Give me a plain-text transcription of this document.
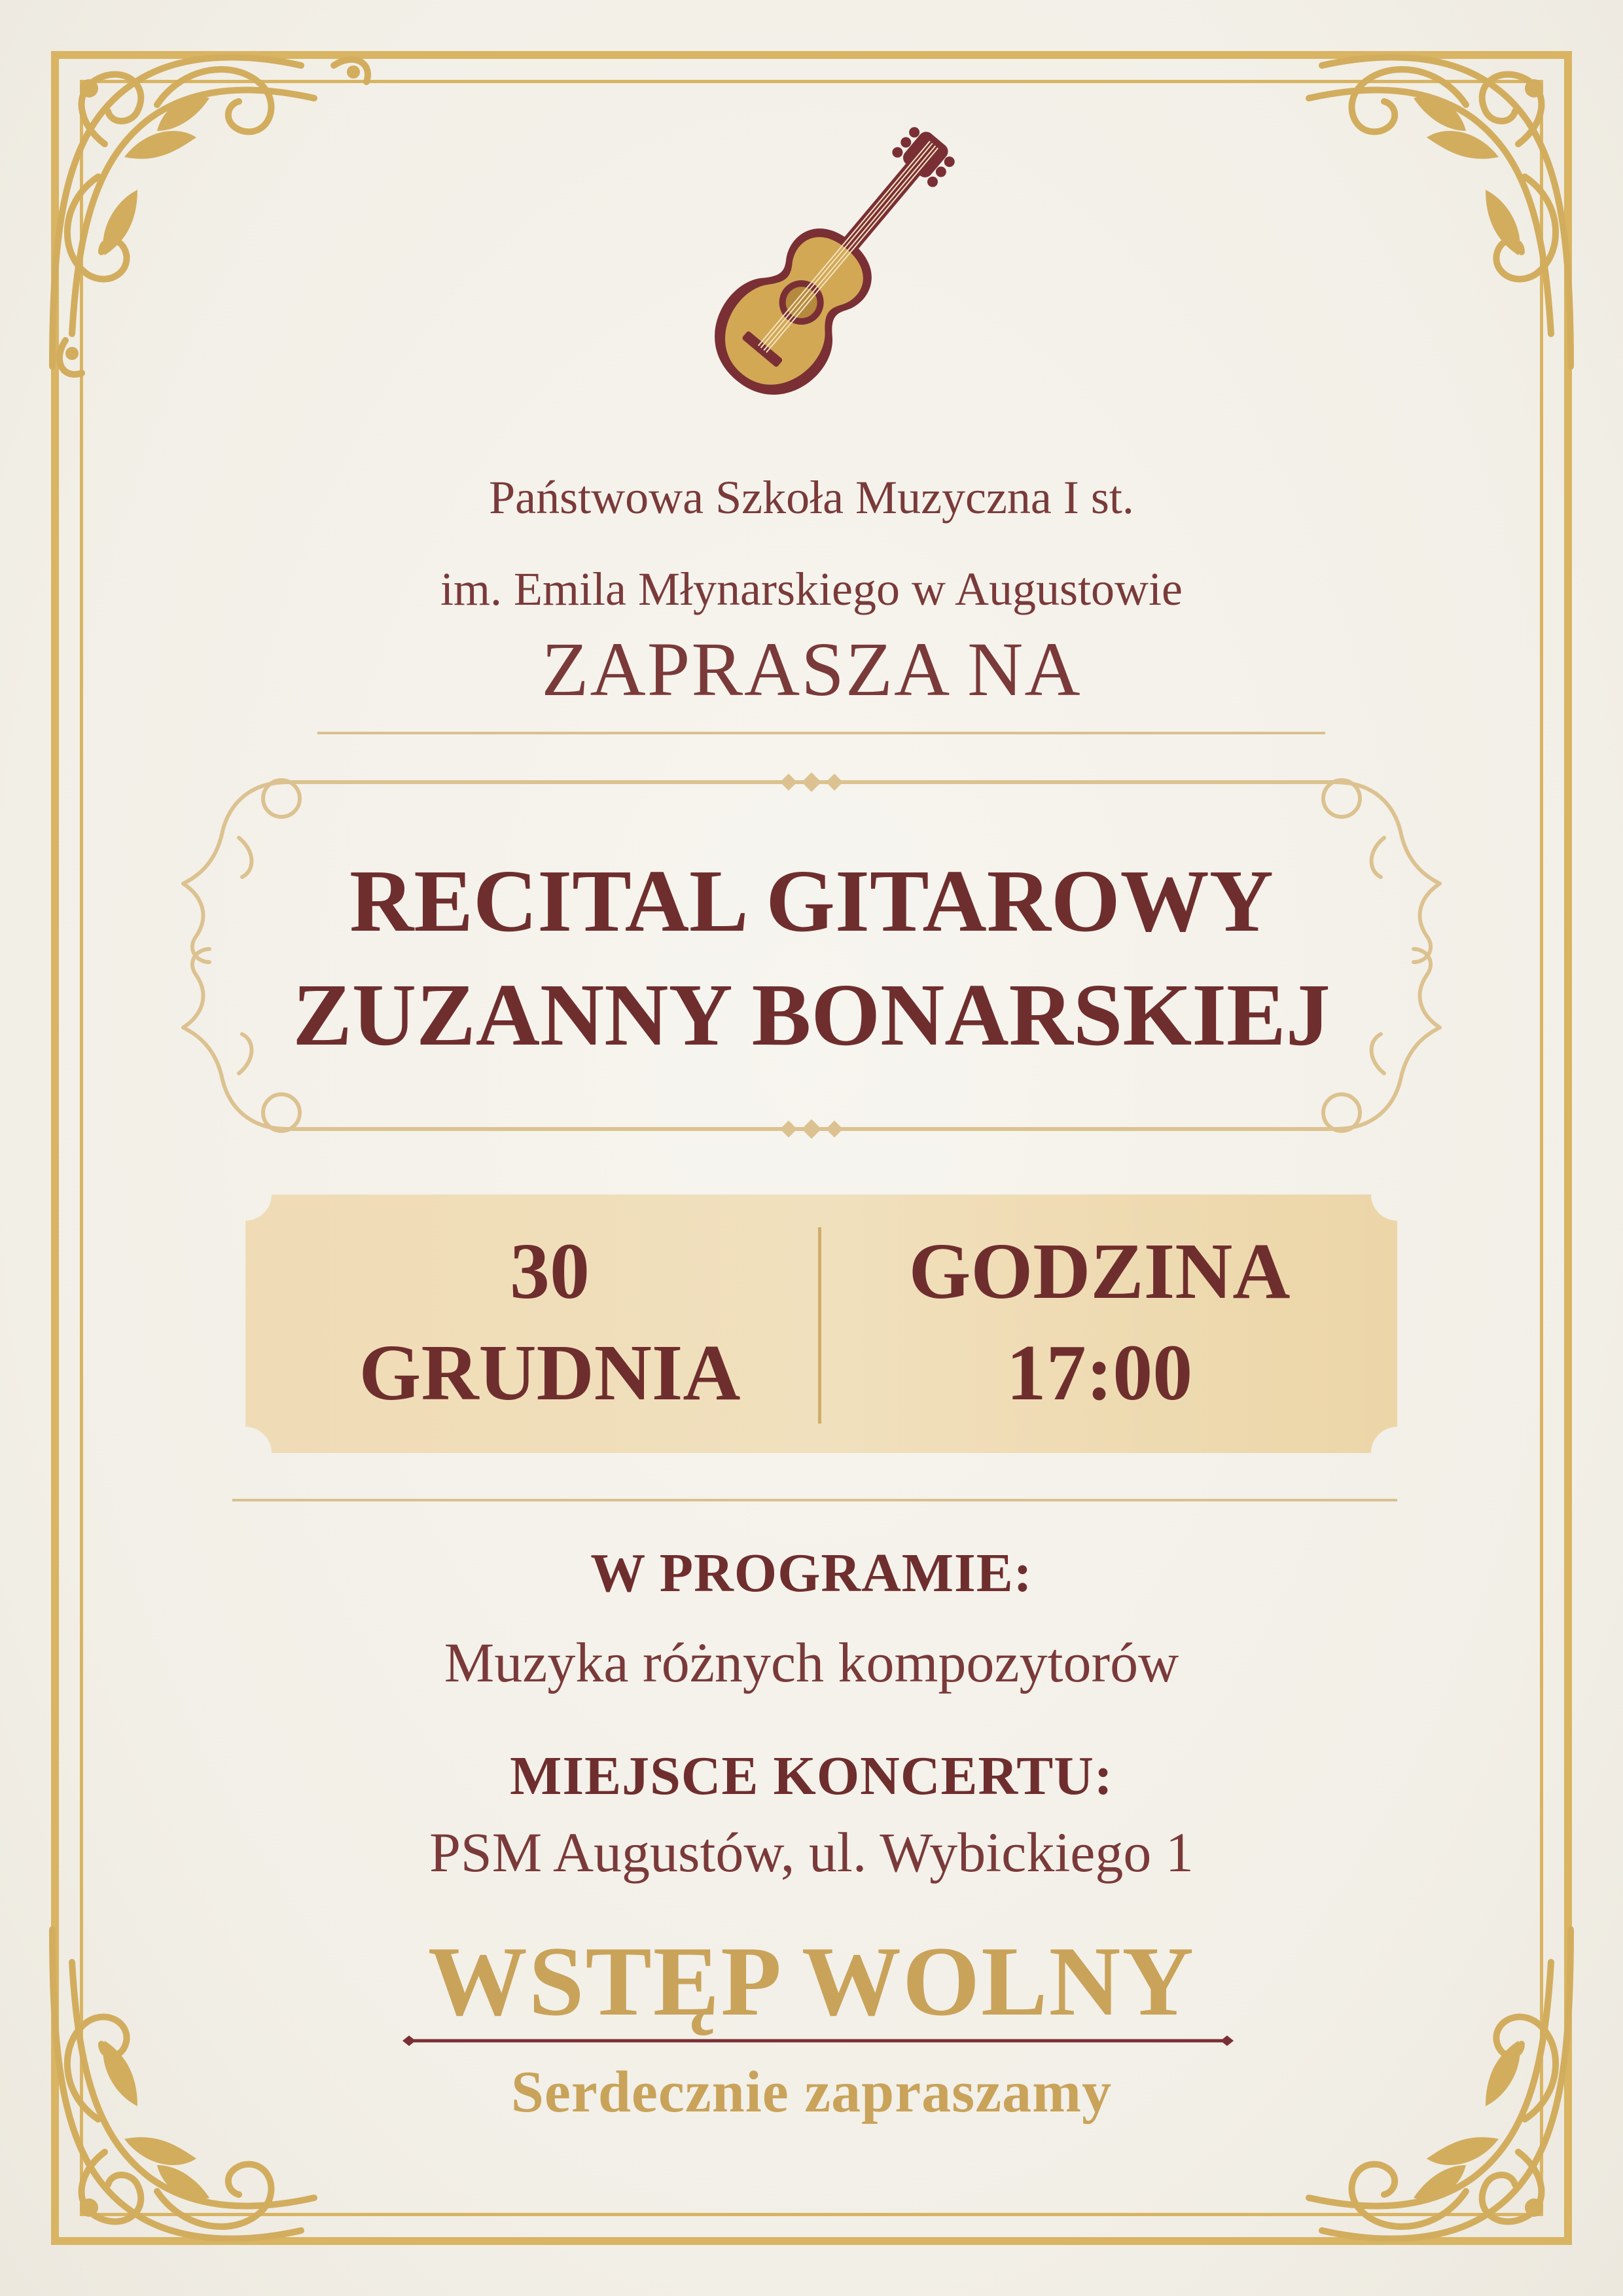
Państwowa Szkoła Muzyczna I st.
im. Emila Młynarskiego w Augustowie
ZAPRASZA NA
RECITAL GITAROWY
ZUZANNY BONARSKIEJ
30
GRUDNIA
GODZINA
17:00
W PROGRAMIE:
Muzyka różnych kompozytorów
MIEJSCE KONCERTU:
PSM Augustów, ul. Wybickiego 1
WSTĘP WOLNY
Serdecznie zapraszamy
